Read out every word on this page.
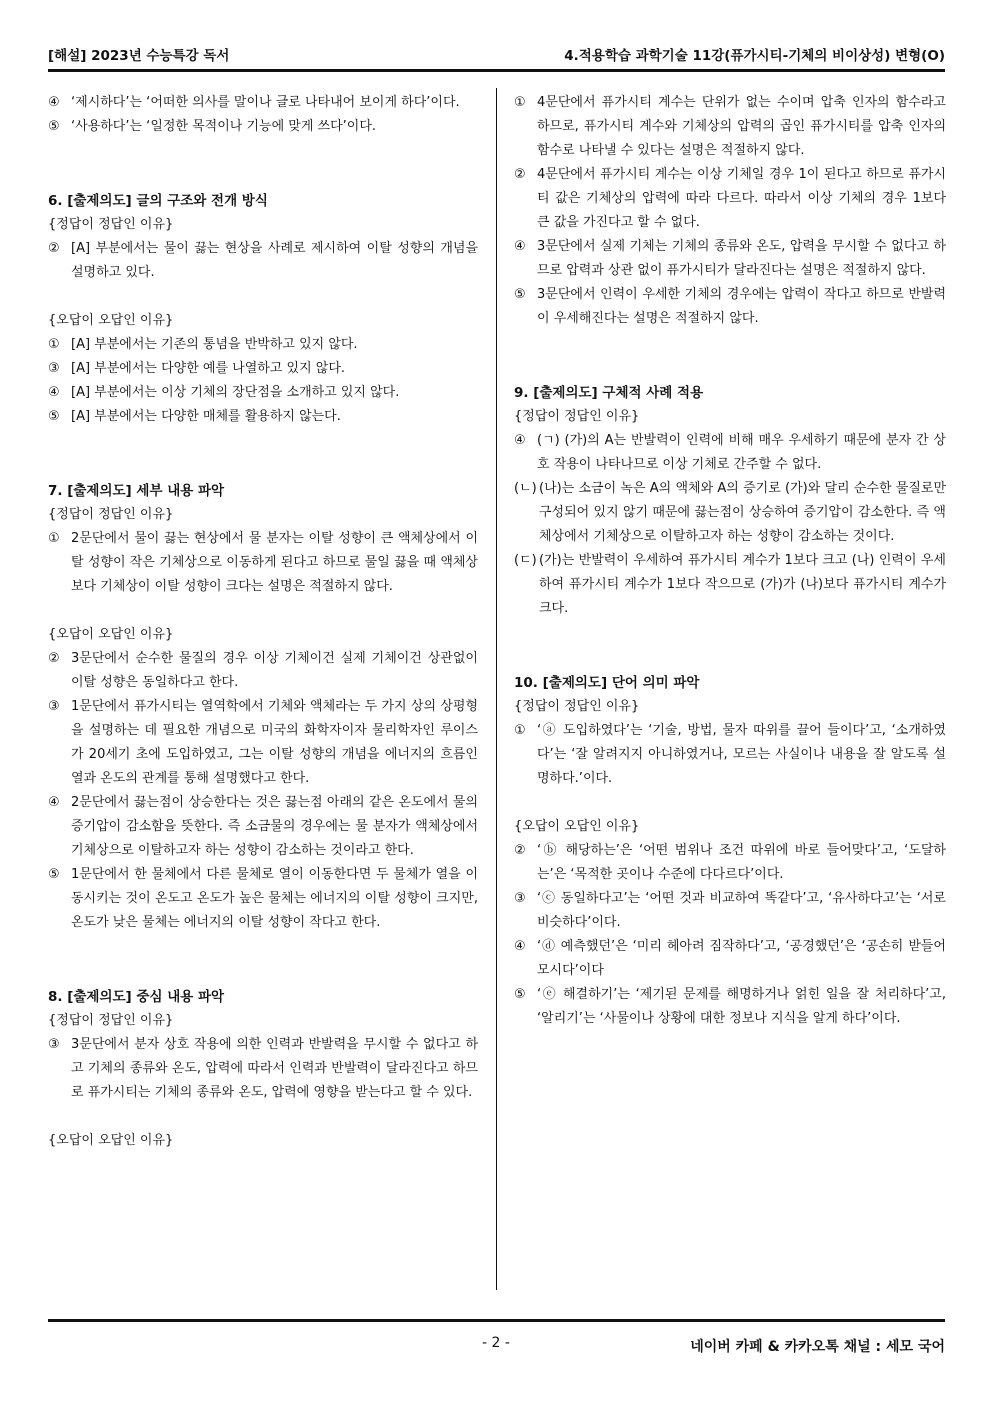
[해설] 2023년 수능특강 독서	4.적용학습 과학기술 11강(퓨가시티-기체의 비이상성) 변형(O)
④ ‘제시하다’는 ‘어떠한 의사를 말이나 글로 나타내어 보이게 하다’이다.
⑤ ‘사용하다’는 ‘일정한 목적이나 기능에 맞게 쓰다’이다.
6. [출제의도] 글의 구조와 전개 방식
{정답이 정답인 이유}
② [A] 부분에서는 물이 끓는 현상을 사례로 제시하여 이탈 성향의 개념을 설명하고 있다.
{오답이 오답인 이유}
① [A] 부분에서는 기존의 통념을 반박하고 있지 않다.
③ [A] 부분에서는 다양한 예를 나열하고 있지 않다.
④ [A] 부분에서는 이상 기체의 장단점을 소개하고 있지 않다.
⑤ [A] 부분에서는 다양한 매체를 활용하지 않는다.
7. [출제의도] 세부 내용 파악
{정답이 정답인 이유}
① 2문단에서 물이 끓는 현상에서 물 분자는 이탈 성향이 큰 액체상에서 이탈 성향이 작은 기체상으로 이동하게 된다고 하므로 물일 끓을 때 액체상보다 기체상이 이탈 성향이 크다는 설명은 적절하지 않다.
{오답이 오답인 이유}
② 3문단에서 순수한 물질의 경우 이상 기체이건 실제 기체이건 상관없이 이탈 성향은 동일하다고 한다.
③ 1문단에서 퓨가시티는 열역학에서 기체와 액체라는 두 가지 상의 상평형을 설명하는 데 필요한 개념으로 미국의 화학자이자 물리학자인 루이스가 20세기 초에 도입하였고, 그는 이탈 성향의 개념을 에너지의 흐름인 열과 온도의 관계를 통해 설명했다고 한다.
④ 2문단에서 끓는점이 상승한다는 것은 끓는점 아래의 같은 온도에서 물의 증기압이 감소함을 뜻한다. 즉 소금물의 경우에는 물 분자가 액체상에서 기체상으로 이탈하고자 하는 성향이 감소하는 것이라고 한다.
⑤ 1문단에서 한 물체에서 다른 물체로 열이 이동한다면 두 물체가 열을 이동시키는 것이 온도고 온도가 높은 물체는 에너지의 이탈 성향이 크지만, 온도가 낮은 물체는 에너지의 이탈 성향이 작다고 한다.
8. [출제의도] 중심 내용 파악
{정답이 정답인 이유}
③ 3문단에서 분자 상호 작용에 의한 인력과 반발력을 무시할 수 없다고 하고 기체의 종류와 온도, 압력에 따라서 인력과 반발력이 달라진다고 하므로 퓨가시티는 기체의 종류와 온도, 압력에 영향을 받는다고 할 수 있다.
{오답이 오답인 이유}
① 4문단에서 퓨가시티 계수는 단위가 없는 수이며 압축 인자의 함수라고 하므로, 퓨가시티 계수와 기체상의 압력의 곱인 퓨가시티를 압축 인자의 함수로 나타낼 수 있다는 설명은 적절하지 않다.
② 4문단에서 퓨가시티 계수는 이상 기체일 경우 1이 된다고 하므로 퓨가시티 값은 기체상의 압력에 따라 다르다. 따라서 이상 기체의 경우 1보다 큰 값을 가진다고 할 수 없다.
④ 3문단에서 실제 기체는 기체의 종류와 온도, 압력을 무시할 수 없다고 하므로 압력과 상관 없이 퓨가시티가 달라진다는 설명은 적절하지 않다.
⑤ 3문단에서 인력이 우세한 기체의 경우에는 압력이 작다고 하므로 반발력이 우세해진다는 설명은 적절하지 않다.
9. [출제의도] 구체적 사례 적용
{정답이 정답인 이유}
④ (ㄱ) (가)의 A는 반발력이 인력에 비해 매우 우세하기 때문에 분자 간 상호 작용이 나타나므로 이상 기체로 간주할 수 없다.
(ㄴ) (나)는 소금이 녹은 A의 액체와 A의 증기로 (가)와 달리 순수한 물질로만 구성되어 있지 않기 때문에 끓는점이 상승하여 증기압이 감소한다. 즉 액체상에서 기체상으로 이탈하고자 하는 성향이 감소하는 것이다.
(ㄷ) (가)는 반발력이 우세하여 퓨가시티 계수가 1보다 크고 (나) 인력이 우세하여 퓨가시티 계수가 1보다 작으므로 (가)가 (나)보다 퓨가시티 계수가 크다.
10. [출제의도] 단어 의미 파악
{정답이 정답인 이유}
① ‘ⓐ 도입하였다’는 ‘기술, 방법, 물자 따위를 끌어 들이다’고, ‘소개하였다’는 ‘잘 알려지지 아니하였거나, 모르는 사실이나 내용을 잘 알도록 설명하다.’이다.
{오답이 오답인 이유}
② ‘ⓑ 해당하는’은 ‘어떤 범위나 조건 따위에 바로 들어맞다’고, ‘도달하는’은 ‘목적한 곳이나 수준에 다다르다’이다.
③ ‘ⓒ 동일하다고’는 ‘어떤 것과 비교하여 똑같다’고, ‘유사하다고’는 ‘서로 비슷하다’이다.
④ ‘ⓓ 예측했던’은 ‘미리 헤아려 짐작하다’고, ‘공경했던’은 ‘공손히 받들어 모시다’이다
⑤ ‘ⓔ 해결하기’는 ‘제기된 문제를 해명하거나 얽힌 일을 잘 처리하다’고, ‘알리기’는 ‘사물이나 상황에 대한 정보나 지식을 알게 하다’이다.
- 2 -	네이버 카페 & 카카오톡 채널 : 세모 국어
